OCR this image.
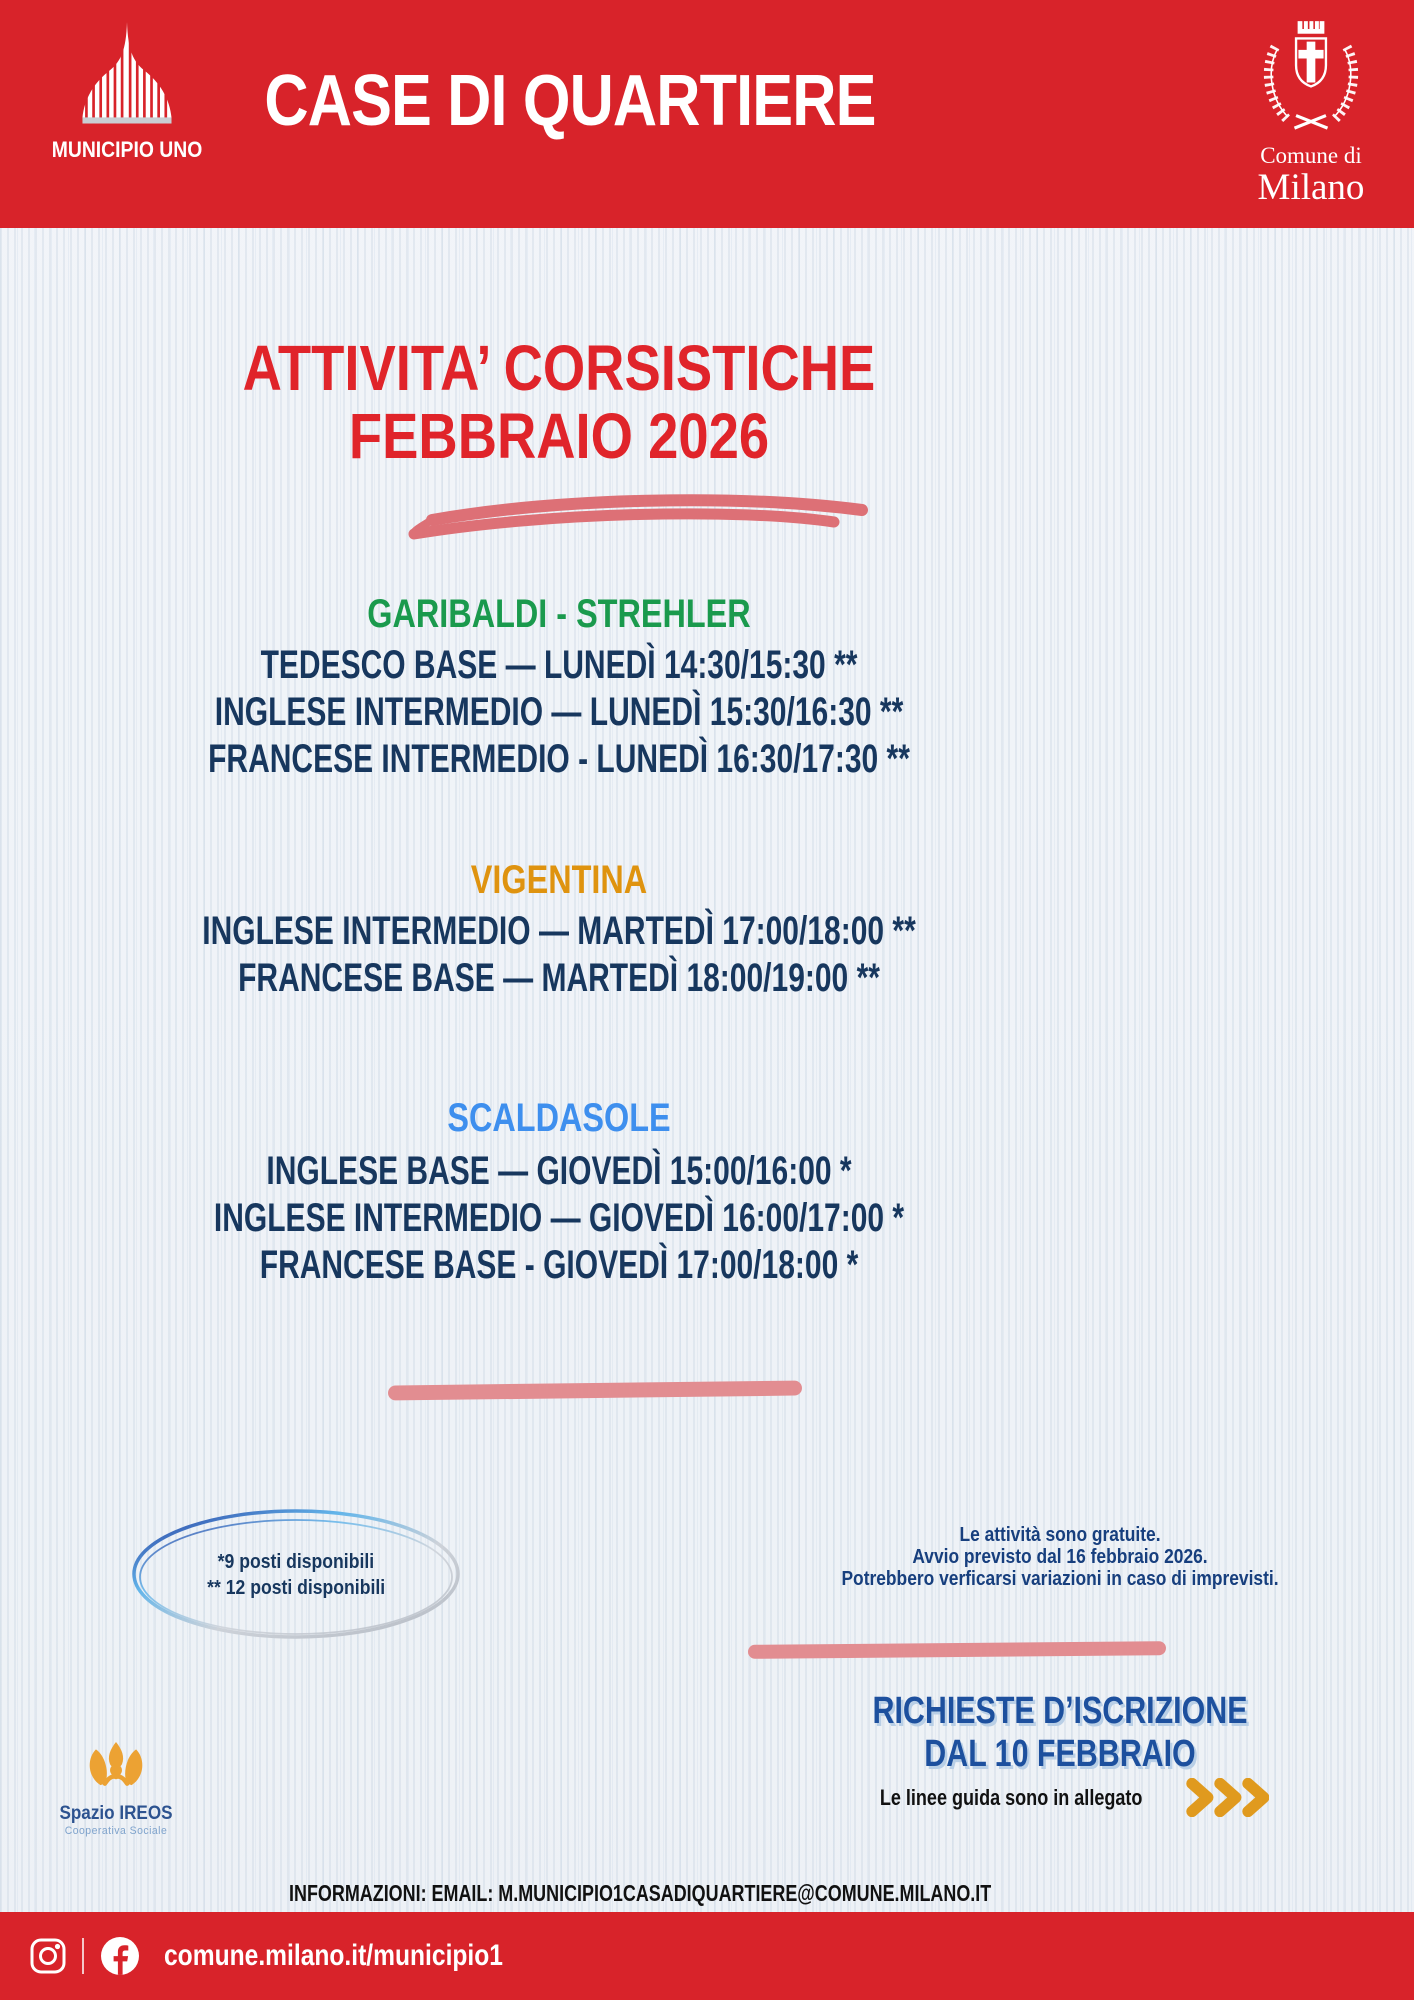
MUNICIPIO UNO
CASE DI QUARTIERE
Comune di
Milano
ATTIVITA’ CORSISTICHE
FEBBRAIO 2026
GARIBALDI - STREHLER
TEDESCO BASE — LUNEDÌ 14:30/15:30 **
INGLESE INTERMEDIO — LUNEDÌ 15:30/16:30 **
FRANCESE INTERMEDIO - LUNEDÌ 16:30/17:30 **
VIGENTINA
INGLESE INTERMEDIO — MARTEDÌ 17:00/18:00 **
FRANCESE BASE — MARTEDÌ 18:00/19:00 **
SCALDASOLE
INGLESE BASE — GIOVEDÌ 15:00/16:00 *
INGLESE INTERMEDIO — GIOVEDÌ 16:00/17:00 *
FRANCESE BASE - GIOVEDÌ 17:00/18:00 *
*9 posti disponibili
** 12 posti disponibili
Le attività sono gratuite.
Avvio previsto dal 16 febbraio 2026.
Potrebbero verficarsi variazioni in caso di imprevisti.
RICHIESTE D’ISCRIZIONE
DAL 10 FEBBRAIO
Le linee guida sono in allegato
Spazio IREOS
Cooperativa Sociale
INFORMAZIONI: EMAIL: M.MUNICIPIO1CASADIQUARTIERE@COMUNE.MILANO.IT
comune.milano.it/municipio1
